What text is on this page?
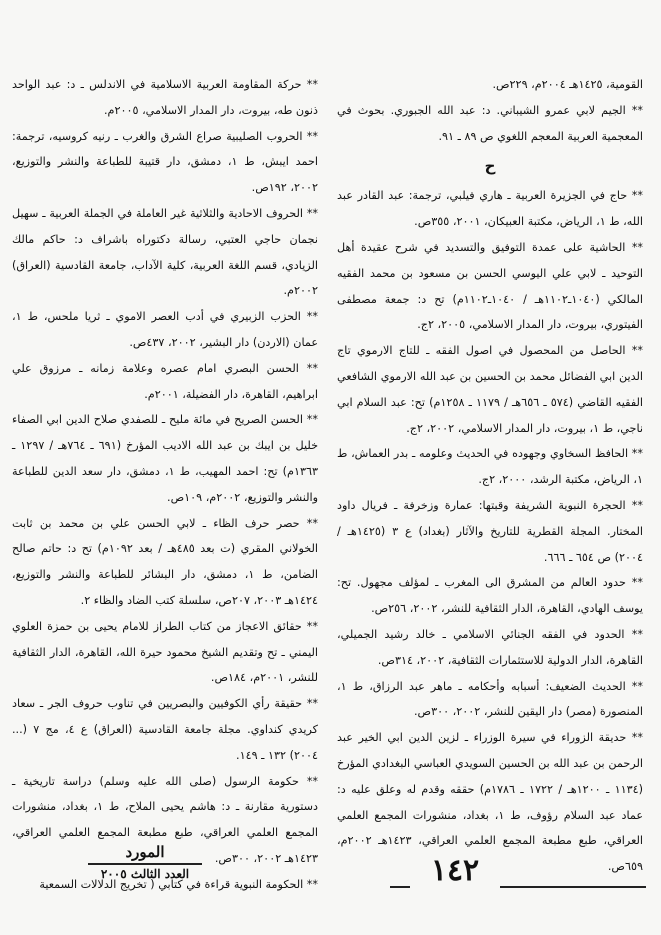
القومية، ١٤٢٥هـ ٢٠٠٤م، ٢٢٩ص.

** الجيم لابي عمرو الشيباني. د: عبد الله الجبوري. بحوث في المعجمية العربية المعجم اللغوي ص ٨٩ ـ ٩١.

ح

** حاج في الجزيرة العربية ـ هاري فيلبي، ترجمة: عبد القادر عبد الله، ط ١، الرياض، مكتبة العبيكان، ٢٠٠١، ٣٥٥ص.

** الحاشية على عمدة التوفيق والتسديد في شرح عقيدة أهل التوحيد ـ لابي علي اليوسي الحسن بن مسعود بن محمد الفقيه المالكي (١٠٤٠ـ١١٠٢هـ / ١٠٤٠ـ١١٠٢م) تح د: جمعة مصطفى الفيتوري، بيروت، دار المدار الاسلامي، ٢٠٠٥، ٢ج.

** الحاصل من المحصول في اصول الفقه ـ للتاج الارموي تاج الدين ابي الفضائل محمد بن الحسين بن عبد الله الارموي الشافعي الفقيه القاضي (٥٧٤ ـ ٦٥٦هـ / ١١٧٩ ـ ١٢٥٨م) تح: عبد السلام ابي ناجي، ط ١، بيروت، دار المدار الاسلامي، ٢٠٠٢، ٢ج.

** الحافظ السخاوي وجهوده في الحديث وعلومه ـ بدر العماش، ط ١، الرياض، مكتبة الرشد، ٢٠٠٠، ٢ج.

** الحجرة النبوية الشريفة وقبتها: عمارة وزخرفة ـ فريال داود المختار. المجلة القطرية للتاريخ والآثار (بغداد) ع ٣ (١٤٢٥هـ / ٢٠٠٤) ص ٦٥٤ ـ ٦٦٦.

** حدود العالم من المشرق الى المغرب ـ لمؤلف مجهول. تح: يوسف الهادي، القاهرة، الدار الثقافية للنشر، ٢٠٠٢، ٢٥٦ص.

** الحدود في الفقه الجنائي الاسلامي ـ خالد رشيد الجميلي، القاهرة، الدار الدولية للاستثمارات الثقافية، ٢٠٠٢، ٣١٤ص.

** الحديث الضعيف: أسبابه وأحكامه ـ ماهر عبد الرزاق، ط ١، المنصورة (مصر) دار اليقين للنشر، ٢٠٠٢، ٣٠٠ص.

** حديقة الزوراء في سيرة الوزراء ـ لزين الدين ابي الخير عبد الرحمن بن عبد الله بن الحسين السويدي العباسي البغدادي المؤرخ (١١٣٤ ـ ١٢٠٠هـ / ١٧٢٢ ـ ١٧٨٦م) حققه وقدم له وعلق عليه د: عماد عبد السلام رؤوف، ط ١، بغداد، منشورات المجمع العلمي العراقي، طبع مطبعة المجمع العلمي العراقي، ١٤٢٣هـ ٢٠٠٢م، ٦٥٩ص.

** حركة المقاومة العربية الاسلامية في الاندلس ـ د: عبد الواحد ذنون طه، بيروت، دار المدار الاسلامي، ٢٠٠٥م.

** الحروب الصليبية صراع الشرق والغرب ـ رنيه كروسيه، ترجمة: احمد ايبش، ط ١، دمشق، دار قتيبة للطباعة والنشر والتوزيع، ٢٠٠٢، ١٩٢ص.

** الحروف الاحادية والثلاثية غير العاملة في الجملة العربية ـ سهيل نجمان حاجي العتبي، رسالة دكتوراه باشراف د: حاكم مالك الزيادي، قسم اللغة العربية، كلية الآداب، جامعة القادسية (العراق) ٢٠٠٢م.

** الحزب الزبيري في أدب العصر الاموي ـ ثريا ملحس، ط ١، عمان (الاردن) دار البشير، ٢٠٠٢، ٤٣٧ص.

** الحسن البصري امام عصره وعلامة زمانه ـ مرزوق علي ابراهيم، القاهرة، دار الفضيلة، ٢٠٠١م.

** الحسن الصريح في مائة مليح ـ للصفدي صلاح الدين ابي الصفاء خليل بن ايبك بن عبد الله الاديب المؤرخ (٦٩١ ـ ٧٦٤هـ / ١٢٩٧ ـ ١٣٦٣م) تح: احمد المهيب، ط ١، دمشق، دار سعد الدين للطباعة والنشر والتوزيع، ٢٠٠٢م، ١٠٩ص.

** حصر حرف الظاء ـ لابي الحسن علي بن محمد بن ثابت الخولاني المقري (ت بعد ٤٨٥هـ / بعد ١٠٩٢م) تح د: حاتم صالح الضامن، ط ١، دمشق، دار البشائر للطباعة والنشر والتوزيع، ١٤٢٤هـ ٢٠٠٣، ٢٠٧ص، سلسلة كتب الضاد والظاء ٢.

** حقائق الاعجاز من كتاب الطراز للامام يحيى بن حمزة العلوي اليمني ـ تح وتقديم الشيخ محمود حيرة الله، القاهرة، الدار الثقافية للنشر، ٢٠٠١م، ١٨٤ص.

** حقيقة رأي الكوفيين والبصريين في تناوب حروف الجر ـ سعاد كريدي كنداوي. مجلة جامعة القادسية (العراق) ع ٤، مج ٧ (... ٢٠٠٤) ١٣٢ ـ ١٤٩.

** حكومة الرسول (صلى الله عليه وسلم) دراسة تاريخية ـ دستورية مقارنة ـ د: هاشم يحيى الملاح، ط ١، بغداد، منشورات المجمع العلمي العراقي، طبع مطبعة المجمع العلمي العراقي، ١٤٢٣هـ ٢٠٠٢، ٣٠٠ص.

** الحكومة النبوية قراءة في كتابي ( تخريج الدلالات السمعية	١٤٢
المورد
العدد الثالث ٢٠٠٥
